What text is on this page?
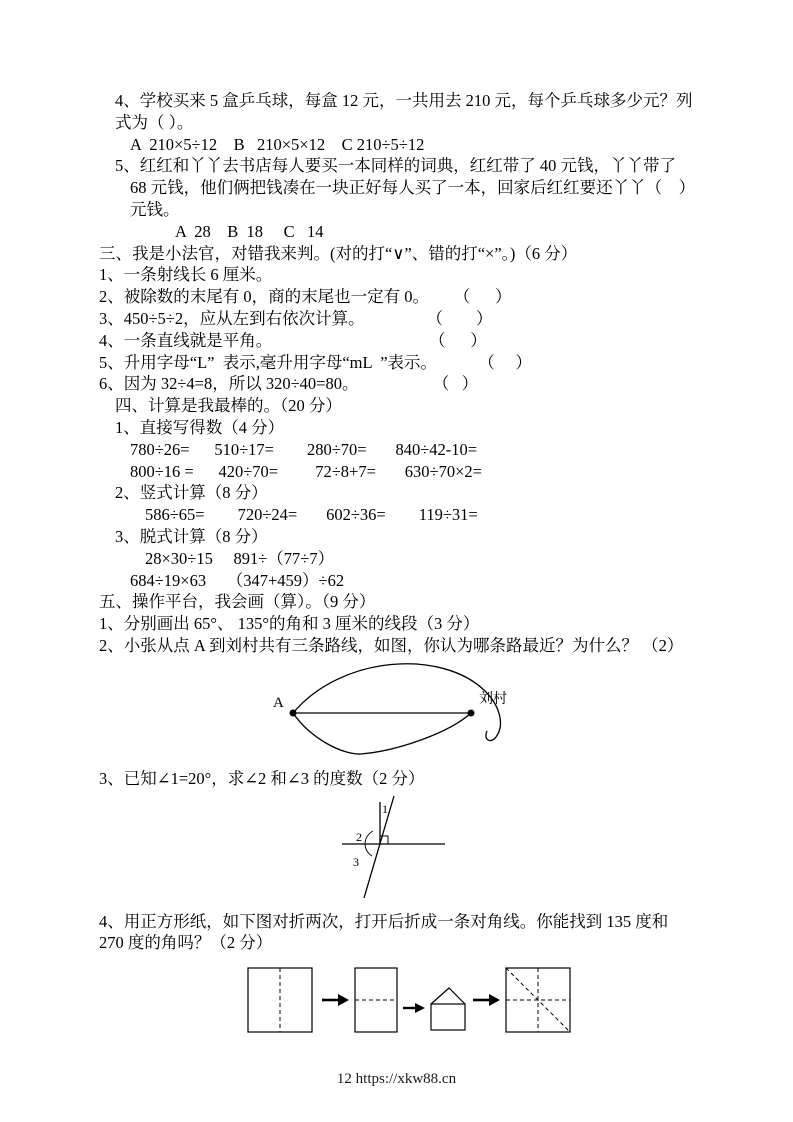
4、学校买来 5 盒乒乓球，每盒 12 元，一共用去 210 元，每个乒乓球多少元？列
式为（ ）。
A  210×5÷12    B   210×5×12    C 210÷5÷12
5、红红和丫丫去书店每人要买一本同样的词典，红红带了 40 元钱，丫丫带了
68 元钱，他们俩把钱凑在一块正好每人买了一本，回家后红红要还丫丫（    ）
元钱。
A  28    B  18     C   14
三、我是小法官，对错我来判。(对的打“∨”、错的打“×”。)（6 分）
1、一条射线长 6 厘米。
2、被除数的末尾有 0，商的末尾也一定有 0。      （      ）
3、450÷5÷2，应从左到右依次计算。               （        ）
4、一条直线就是平角。                                      （      ）
5、升用字母“L”  表示,毫升用字母“mL  ”表示。          （     ）
6、因为 32÷4=8，所以 320÷40=80。                  （   ）
四、计算是我最棒的。（20 分）
1、直接写得数（4 分）
780÷26=      510÷17=        280÷70=       840÷42-10=
800÷16 =      420÷70=         72÷8+7=       630÷70×2=
2、竖式计算（8 分）
586÷65=        720÷24=       602÷36=        119÷31=
3、脱式计算（8 分）
28×30÷15     891÷（77÷7）
684÷19×63     （347+459）÷62
五、操作平台，我会画（算）。（9 分）
1、分别画出 65°、 135°的角和 3 厘米的线段（3 分）
2、小张从点 A 到刘村共有三条路线，如图，你认为哪条路最近？为什么？ （2）
A	刘村
3、已知∠1=20°，求∠2 和∠3 的度数（2 分）
1
2
3
4、用正方形纸，如下图对折两次，打开后折成一条对角线。你能找到 135 度和
270 度的角吗？（2 分）
12 https://xkw88.cn
